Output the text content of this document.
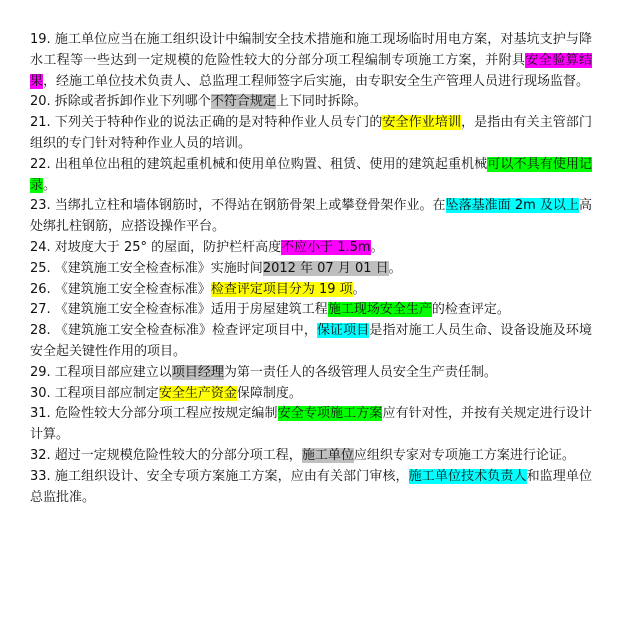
19. 施工单位应当在施工组织设计中编制安全技术措施和施工现场临时用电方案，对基坑支护与降水工程等一些达到一定规模的危险性较大的分部分项工程编制专项施工方案，并附具安全验算结果，经施工单位技术负责人、总监理工程师签字后实施，由专职安全生产管理人员进行现场监督。

20. 拆除或者拆卸作业下列哪个不符合规定上下同时拆除。

21. 下列关于特种作业的说法正确的是对特种作业人员专门的安全作业培训，是指由有关主管部门组织的专门针对特种作业人员的培训。

22. 出租单位出租的建筑起重机械和使用单位购置、租赁、使用的建筑起重机械可以不具有使用记录。

23. 当绑扎立柱和墙体钢筋时，不得站在钢筋骨架上或攀登骨架作业。在坠落基准面 2m 及以上高处绑扎柱钢筋，应搭设操作平台。

24. 对坡度大于 25° 的屋面，防护栏杆高度不应小于 1.5m。

25. 《建筑施工安全检查标准》实施时间2012 年 07 月 01 日。

26. 《建筑施工安全检查标准》检查评定项目分为 19 项。

27. 《建筑施工安全检查标准》适用于房屋建筑工程施工现场安全生产的检查评定。

28. 《建筑施工安全检查标准》检查评定项目中，保证项目是指对施工人员生命、设备设施及环境安全起关键性作用的项目。

29. 工程项目部应建立以项目经理为第一责任人的各级管理人员安全生产责任制。

30. 工程项目部应制定安全生产资金保障制度。

31. 危险性较大分部分项工程应按规定编制安全专项施工方案应有针对性，并按有关规定进行设计计算。

32. 超过一定规模危险性较大的分部分项工程，施工单位应组织专家对专项施工方案进行论证。

33. 施工组织设计、安全专项方案施工方案，应由有关部门审核，施工单位技术负责人和监理单位总监批准。
